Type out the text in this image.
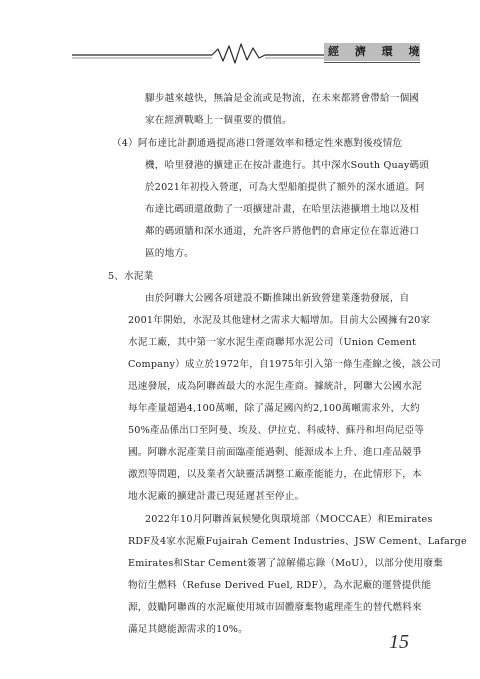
經 濟 環 境
腳步越來越快，無論是金流或是物流，在未來都將會帶給一個國
家在經濟戰略上一個重要的價值。
（4）阿布達比計劃通過提高港口營運效率和穩定性來應對後疫情危
機，哈里發港的擴建正在按計畫進行。其中深水South Quay碼頭
於2021年初投入營運，可為大型船舶提供了額外的深水通道。阿
布達比碼頭還啟動了一項擴建計畫，在哈里法港擴增土地以及相
鄰的碼頭牆和深水通道，允許客戶將他們的倉庫定位在靠近港口
區的地方。
5、水泥業
由於阿聯大公國各項建設不斷推陳出新致營建業蓬勃發展，自
2001年開始，水泥及其他建材之需求大幅增加。目前大公國擁有20家
水泥工廠，其中第一家水泥生產商聯邦水泥公司（Union Cement
Company）成立於1972年，自1975年引入第一條生產線之後，該公司
迅速發展，成為阿聯酋最大的水泥生產商。據統計，阿聯大公國水泥
每年產量超過4,100萬噸，除了滿足國內約2,100萬噸需求外，大約
50%產品係出口至阿曼、埃及、伊拉克、科威特、蘇丹和坦尚尼亞等
國。阿聯水泥產業目前面臨產能過剩、能源成本上升、進口產品競爭
激烈等問題，以及業者欠缺靈活調整工廠產能能力，在此情形下，本
地水泥廠的擴建計畫已現延遲甚至停止。
2022年10月阿聯酋氣候變化與環境部（MOCCAE）和Emirates
RDF及4家水泥廠Fujairah Cement Industries、JSW Cement、Lafarge
Emirates和Star Cement簽署了諒解備忘錄（MoU），以部分使用廢棄
物衍生燃料（Refuse Derived Fuel, RDF），為水泥廠的運營提供能
源，鼓勵阿聯酋的水泥廠使用城市固體廢棄物處理產生的替代燃料來
滿足其總能源需求的10%。
15
